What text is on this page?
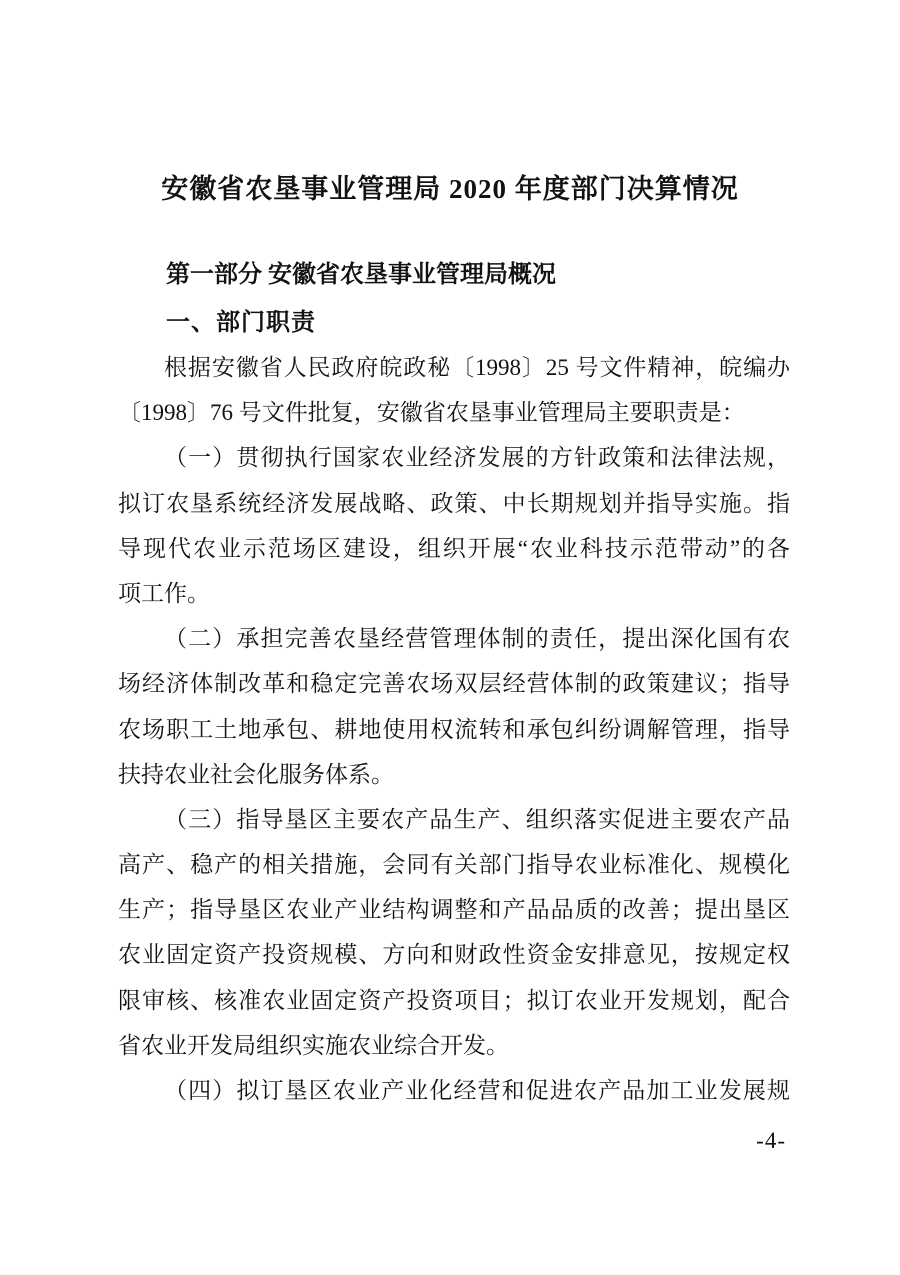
安徽省农垦事业管理局 2020 年度部门决算情况
第一部分 安徽省农垦事业管理局概况
一、部门职责
根据安徽省人民政府皖政秘〔1998〕25 号文件精神，皖编办
〔1998〕76 号文件批复，安徽省农垦事业管理局主要职责是：
（一）贯彻执行国家农业经济发展的方针政策和法律法规，
拟订农垦系统经济发展战略、政策、中长期规划并指导实施。指
导现代农业示范场区建设，组织开展“农业科技示范带动”的各
项工作。
（二）承担完善农垦经营管理体制的责任，提出深化国有农
场经济体制改革和稳定完善农场双层经营体制的政策建议；指导
农场职工土地承包、耕地使用权流转和承包纠纷调解管理，指导
扶持农业社会化服务体系。
（三）指导垦区主要农产品生产、组织落实促进主要农产品
高产、稳产的相关措施，会同有关部门指导农业标准化、规模化
生产；指导垦区农业产业结构调整和产品品质的改善；提出垦区
农业固定资产投资规模、方向和财政性资金安排意见，按规定权
限审核、核准农业固定资产投资项目；拟订农业开发规划，配合
省农业开发局组织实施农业综合开发。
（四）拟订垦区农业产业化经营和促进农产品加工业发展规
-4-
